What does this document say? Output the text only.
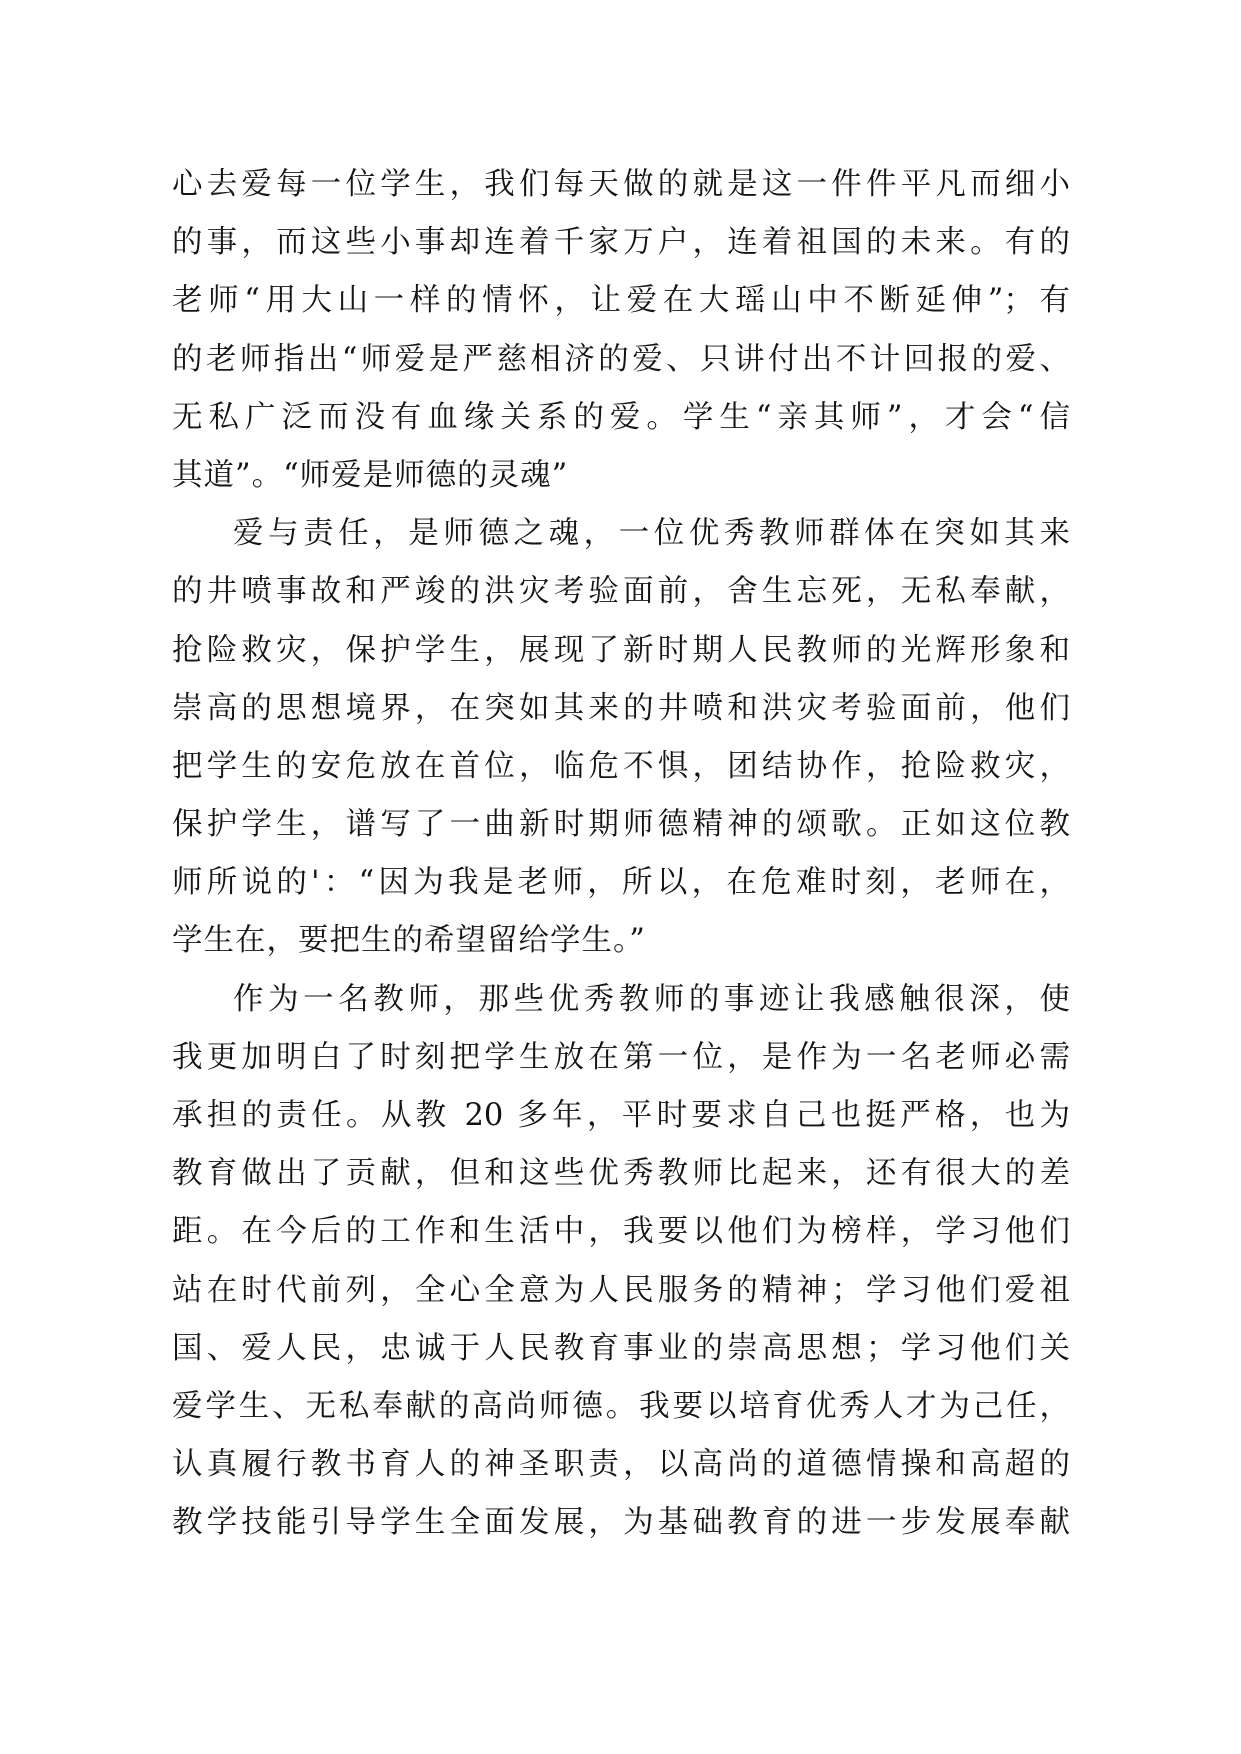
心去爱每一位学生，我们每天做的就是这一件件平凡而细小
的事，而这些小事却连着千家万户，连着祖国的未来。有的
老师“用大山一样的情怀，让爱在大瑶山中不断延伸”；有
的老师指出“师爱是严慈相济的爱、只讲付出不计回报的爱、
无私广泛而没有血缘关系的爱。学生“亲其师”，才会“信
其道”。“师爱是师德的灵魂”
爱与责任，是师德之魂，一位优秀教师群体在突如其来
的井喷事故和严竣的洪灾考验面前，舍生忘死，无私奉献，
抢险救灾，保护学生，展现了新时期人民教师的光辉形象和
崇高的思想境界，在突如其来的井喷和洪灾考验面前，他们
把学生的安危放在首位，临危不惧，团结协作，抢险救灾，
保护学生，谱写了一曲新时期师德精神的颂歌。正如这位教
师所说的'：“因为我是老师，所以，在危难时刻，老师在，
学生在，要把生的希望留给学生。”
作为一名教师，那些优秀教师的事迹让我感触很深，使
我更加明白了时刻把学生放在第一位，是作为一名老师必需
承担的责任。从教 20 多年，平时要求自己也挺严格，也为
教育做出了贡献，但和这些优秀教师比起来，还有很大的差
距。在今后的工作和生活中，我要以他们为榜样，学习他们
站在时代前列，全心全意为人民服务的精神；学习他们爱祖
国、爱人民，忠诚于人民教育事业的崇高思想；学习他们关
爱学生、无私奉献的高尚师德。我要以培育优秀人才为己任，
认真履行教书育人的神圣职责，以高尚的道德情操和高超的
教学技能引导学生全面发展，为基础教育的进一步发展奉献
